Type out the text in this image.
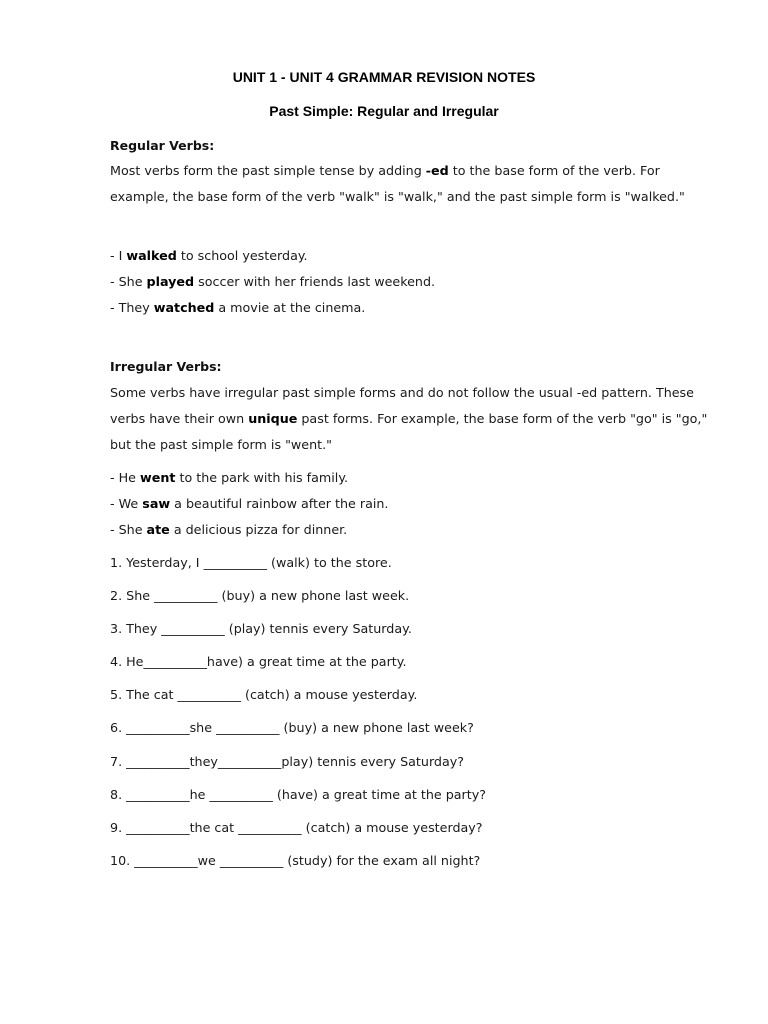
UNIT 1 - UNIT 4 GRAMMAR REVISION NOTES
Past Simple: Regular and Irregular
Regular Verbs:
Most verbs form the past simple tense by adding -ed to the base form of the verb. For example, the base form of the verb "walk" is "walk," and the past simple form is "walked."
- I walked to school yesterday.
- She played soccer with her friends last weekend.
- They watched a movie at the cinema.
Irregular Verbs:
Some verbs have irregular past simple forms and do not follow the usual -ed pattern. These verbs have their own unique past forms. For example, the base form of the verb "go" is "go," but the past simple form is "went."
- He went to the park with his family.
- We saw a beautiful rainbow after the rain.
- She ate a delicious pizza for dinner.
1. Yesterday, I __________ (walk) to the store.
2. She __________ (buy) a new phone last week.
3. They __________ (play) tennis every Saturday.
4. He__________have) a great time at the party.
5. The cat __________ (catch) a mouse yesterday.
6. __________she __________ (buy) a new phone last week?
7. __________they__________play) tennis every Saturday?
8. __________he __________ (have) a great time at the party?
9. __________the cat __________ (catch) a mouse yesterday?
10. __________we __________ (study) for the exam all night?
